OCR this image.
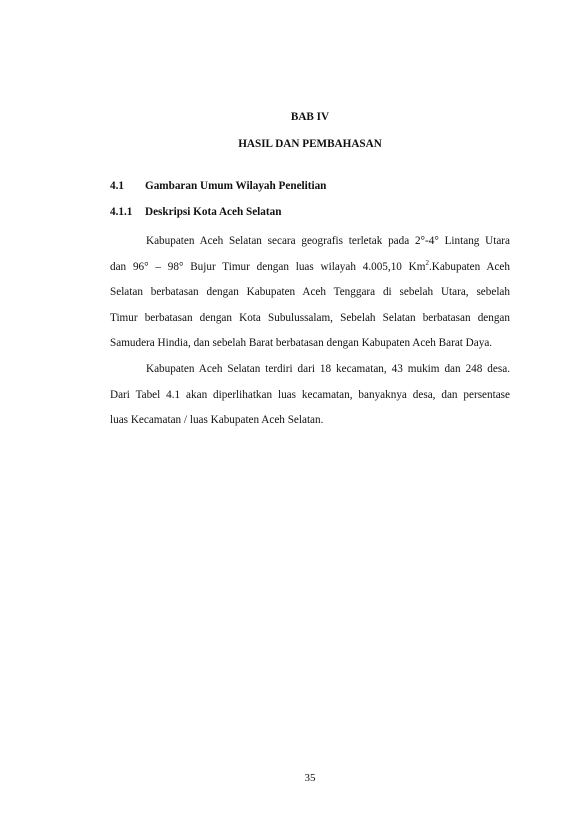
BAB IV
HASIL DAN PEMBAHASAN
4.1 Gambaran Umum Wilayah Penelitian
4.1.1 Deskripsi Kota Aceh Selatan
Kabupaten Aceh Selatan secara geografis terletak pada 2°-4° Lintang Utara
dan 96° – 98° Bujur Timur dengan luas wilayah 4.005,10 Km$^2$.Kabupaten Aceh
Selatan berbatasan dengan Kabupaten Aceh Tenggara di sebelah Utara, sebelah
Timur berbatasan dengan Kota Subulussalam, Sebelah Selatan berbatasan dengan
Samudera Hindia, dan sebelah Barat berbatasan dengan Kabupaten Aceh Barat Daya.
Kabupaten Aceh Selatan terdiri dari 18 kecamatan, 43 mukim dan 248 desa.
Dari Tabel 4.1 akan diperlihatkan luas kecamatan, banyaknya desa, dan persentase
luas Kecamatan / luas Kabupaten Aceh Selatan.
35
